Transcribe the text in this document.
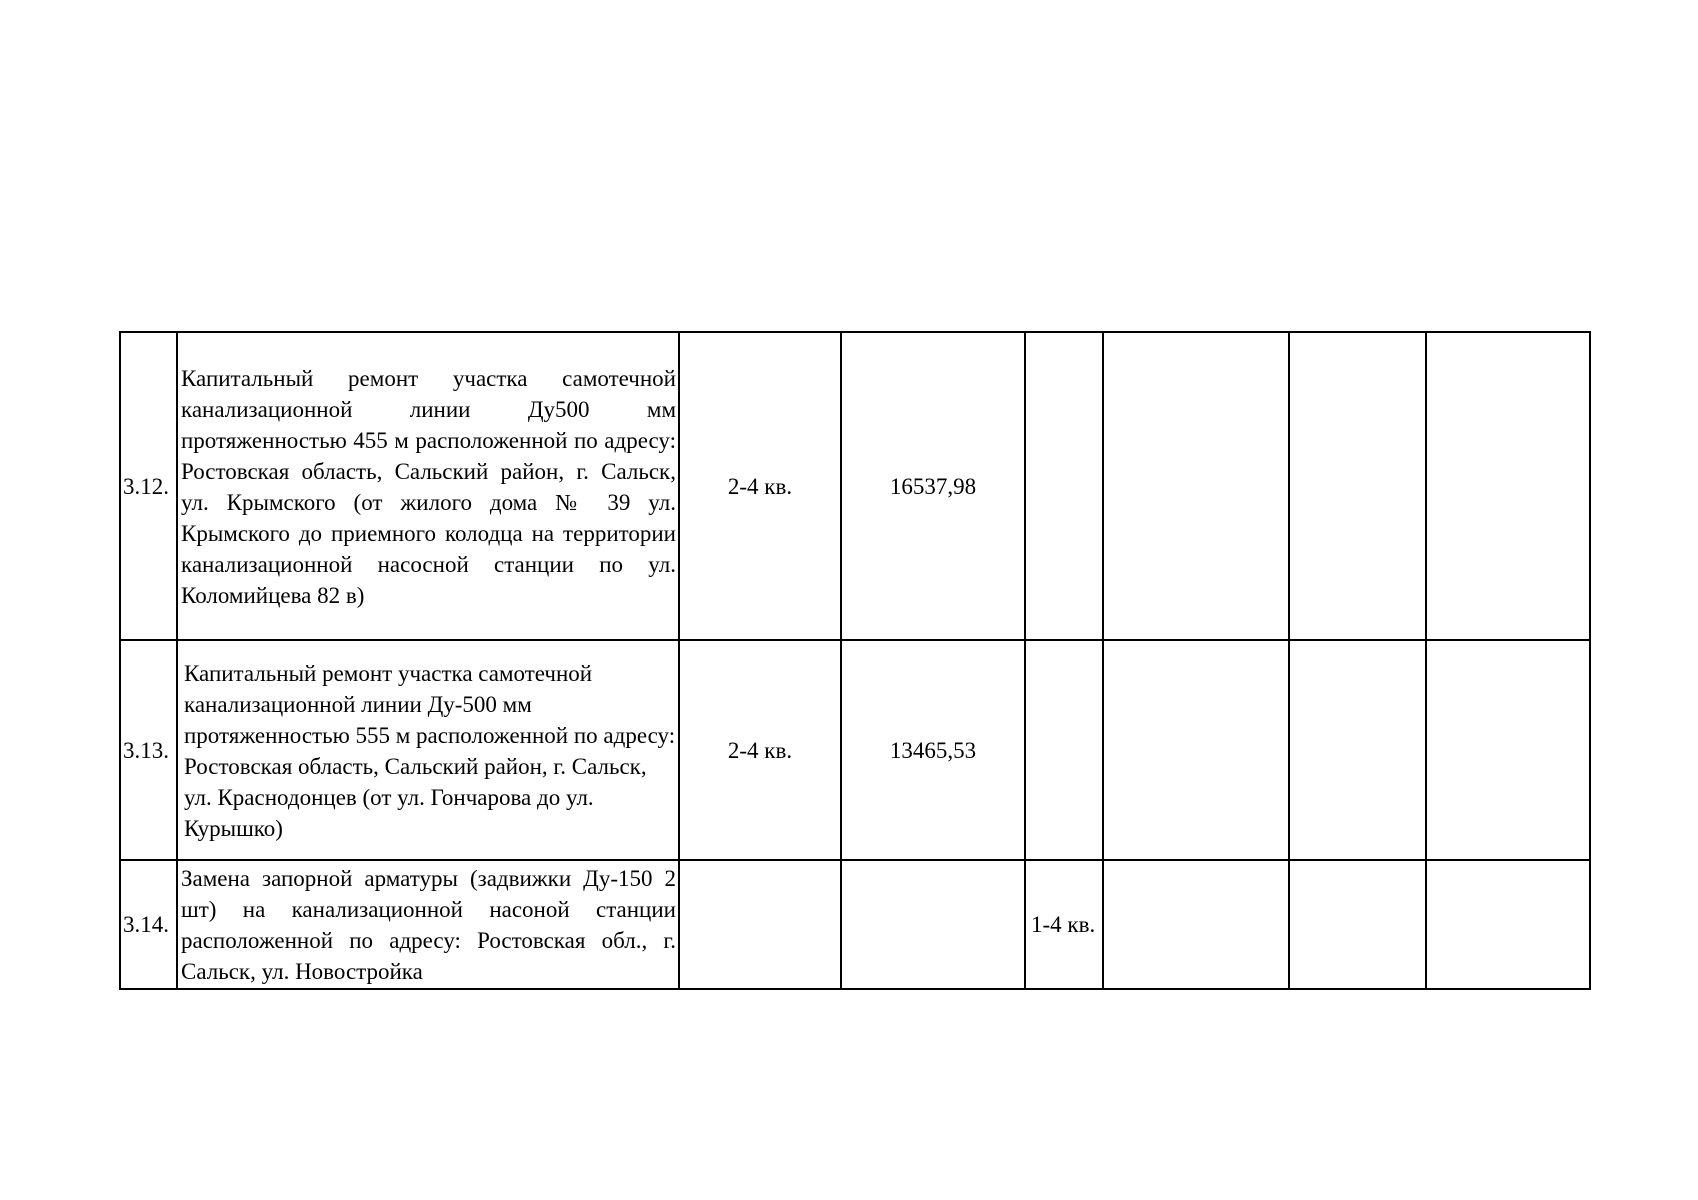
3.12.	Капитальный ремонт участка самотечной канализационной линии Ду500 мм протяженностью 455 м расположенной по адресу: Ростовская область, Сальский район, г. Сальск, ул. Крымского (от жилого дома № 39 ул. Крымского до приемного колодца на территории канализационной насосной станции по ул. Коломийцева 82 в)	2-4 кв.	16537,98				
3.13.	Капитальный ремонт участка самотечной канализационной линии Ду-500 мм протяженностью 555 м расположенной по адресу: Ростовская область, Сальский район, г. Сальск, ул. Краснодонцев (от ул. Гончарова до ул. Курышко)	2-4 кв.	13465,53				
3.14.	Замена запорной арматуры (задвижки Ду-150 2 шт) на канализационной насоной станции расположенной по адресу: Ростовская обл., г. Сальск, ул. Новостройка			1-4 кв.			
